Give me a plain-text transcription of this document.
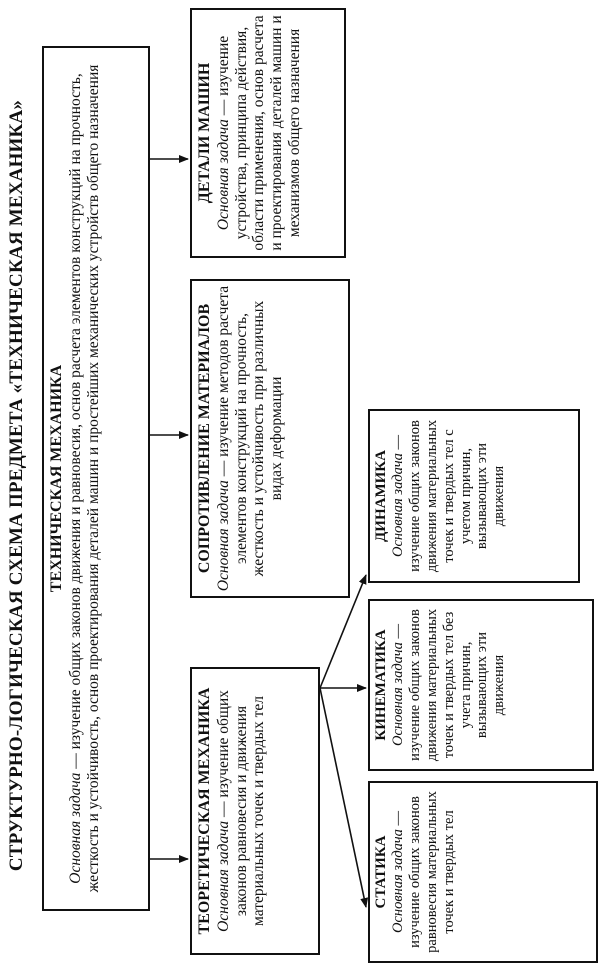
СТРУКТУРНО-ЛОГИЧЕСКАЯ СХЕМА ПРЕДМЕТА «ТЕХНИЧЕСКАЯ МЕХАНИКА» ТЕХНИЧЕСКАЯ МЕХАНИКА
Основная задача — изучение общих законов движения и равновесия, основ расчета элементов конструкций на прочность, жесткость и устойчивость, основ проектирования деталей машин и простейших механических устройств общего назначения	ТЕОРЕТИЧЕСКАЯ МЕХАНИКА Основная задача — изучение общих законов равновесия и движения материальных точек и твердых тел
СОПРОТИВЛЕНИЕ МАТЕРИАЛОВ Основная задача — изучение методов расчета элементов конструкций на прочность, жесткость и устойчивость при различных видах деформации
ДЕТАЛИ МАШИН Основная задача — изучение устройства, принципа действия, области применения, основ расчета и проектирования деталей машин и механизмов общего назначения
СТАТИКА Основная задача — изучение общих законов равновесия материальных точек и твердых тел
КИНЕМАТИКА Основная задача — изучение общих законов движения материальных точек и твердых тел без учета причин, вызывающих эти движения
ДИНАМИКА Основная задача — изучение общих законов движения материальных точек и твердых тел с учетом причин, вызывающих эти движения
